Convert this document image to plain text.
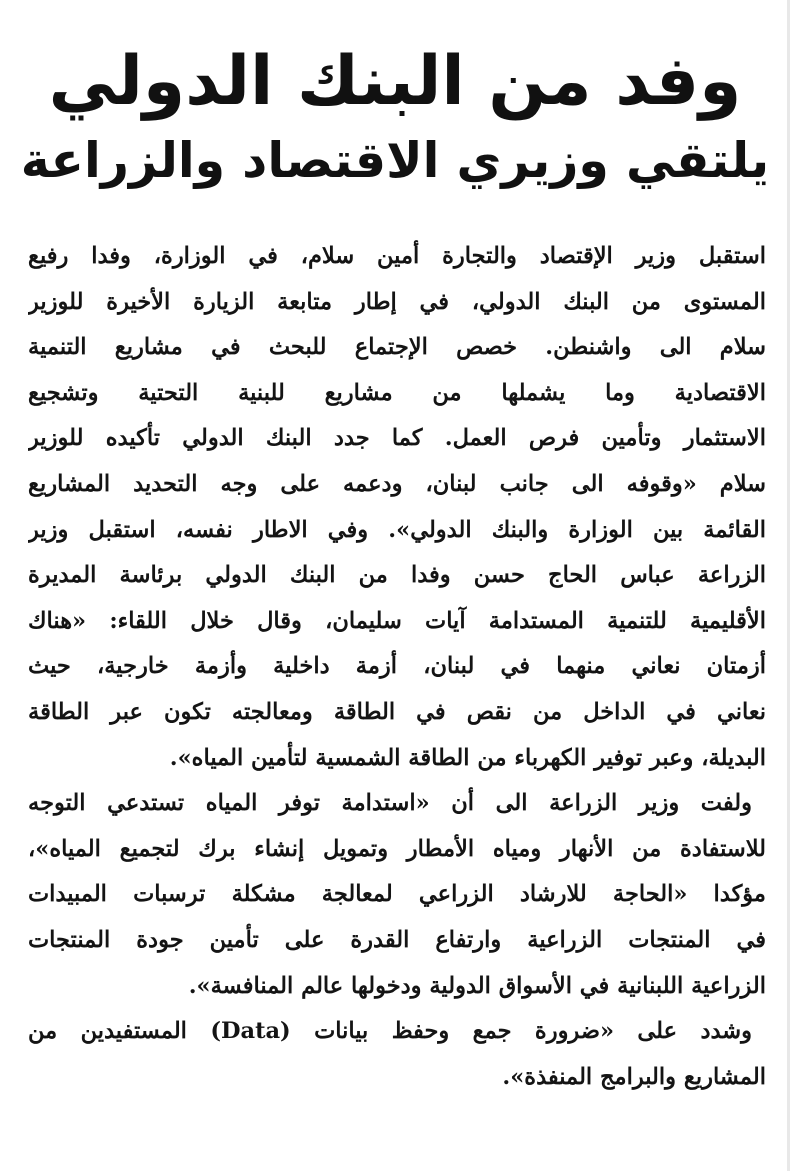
وفد من البنك الدولي
يلتقي وزيري الاقتصاد والزراعة
استقبل وزير الإقتصاد والتجارة أمين سلام، في الوزارة، وفدا رفيع
المستوى من البنك الدولي، في إطار متابعة الزيارة الأخيرة للوزير
سلام الى واشنطن. خصص الإجتماع للبحث في مشاريع التنمية
الاقتصادية وما يشملها من مشاريع للبنية التحتية وتشجيع
الاستثمار وتأمين فرص العمل. كما جدد البنك الدولي تأكيده للوزير
سلام «وقوفه الى جانب لبنان، ودعمه على وجه التحديد المشاريع
القائمة بين الوزارة والبنك الدولي». وفي الاطار نفسه، استقبل وزير
الزراعة عباس الحاج حسن وفدا من البنك الدولي برئاسة المديرة
الأقليمية للتنمية المستدامة آيات سليمان، وقال خلال اللقاء: «هناك
أزمتان نعاني منهما في لبنان، أزمة داخلية وأزمة خارجية، حيث
نعاني في الداخل من نقص في الطاقة ومعالجته تكون عبر الطاقة
البديلة، وعبر توفير الكهرباء من الطاقة الشمسية لتأمين المياه».
ولفت وزير الزراعة الى أن «استدامة توفر المياه تستدعي التوجه
للاستفادة من الأنهار ومياه الأمطار وتمويل إنشاء برك لتجميع المياه»،
مؤكدا «الحاجة للارشاد الزراعي لمعالجة مشكلة ترسبات المبيدات
في المنتجات الزراعية وارتفاع القدرة على تأمين جودة المنتجات
الزراعية اللبنانية في الأسواق الدولية ودخولها عالم المنافسة».
وشدد على «ضرورة جمع وحفظ بيانات (Data) المستفيدين من
المشاريع والبرامج المنفذة».
